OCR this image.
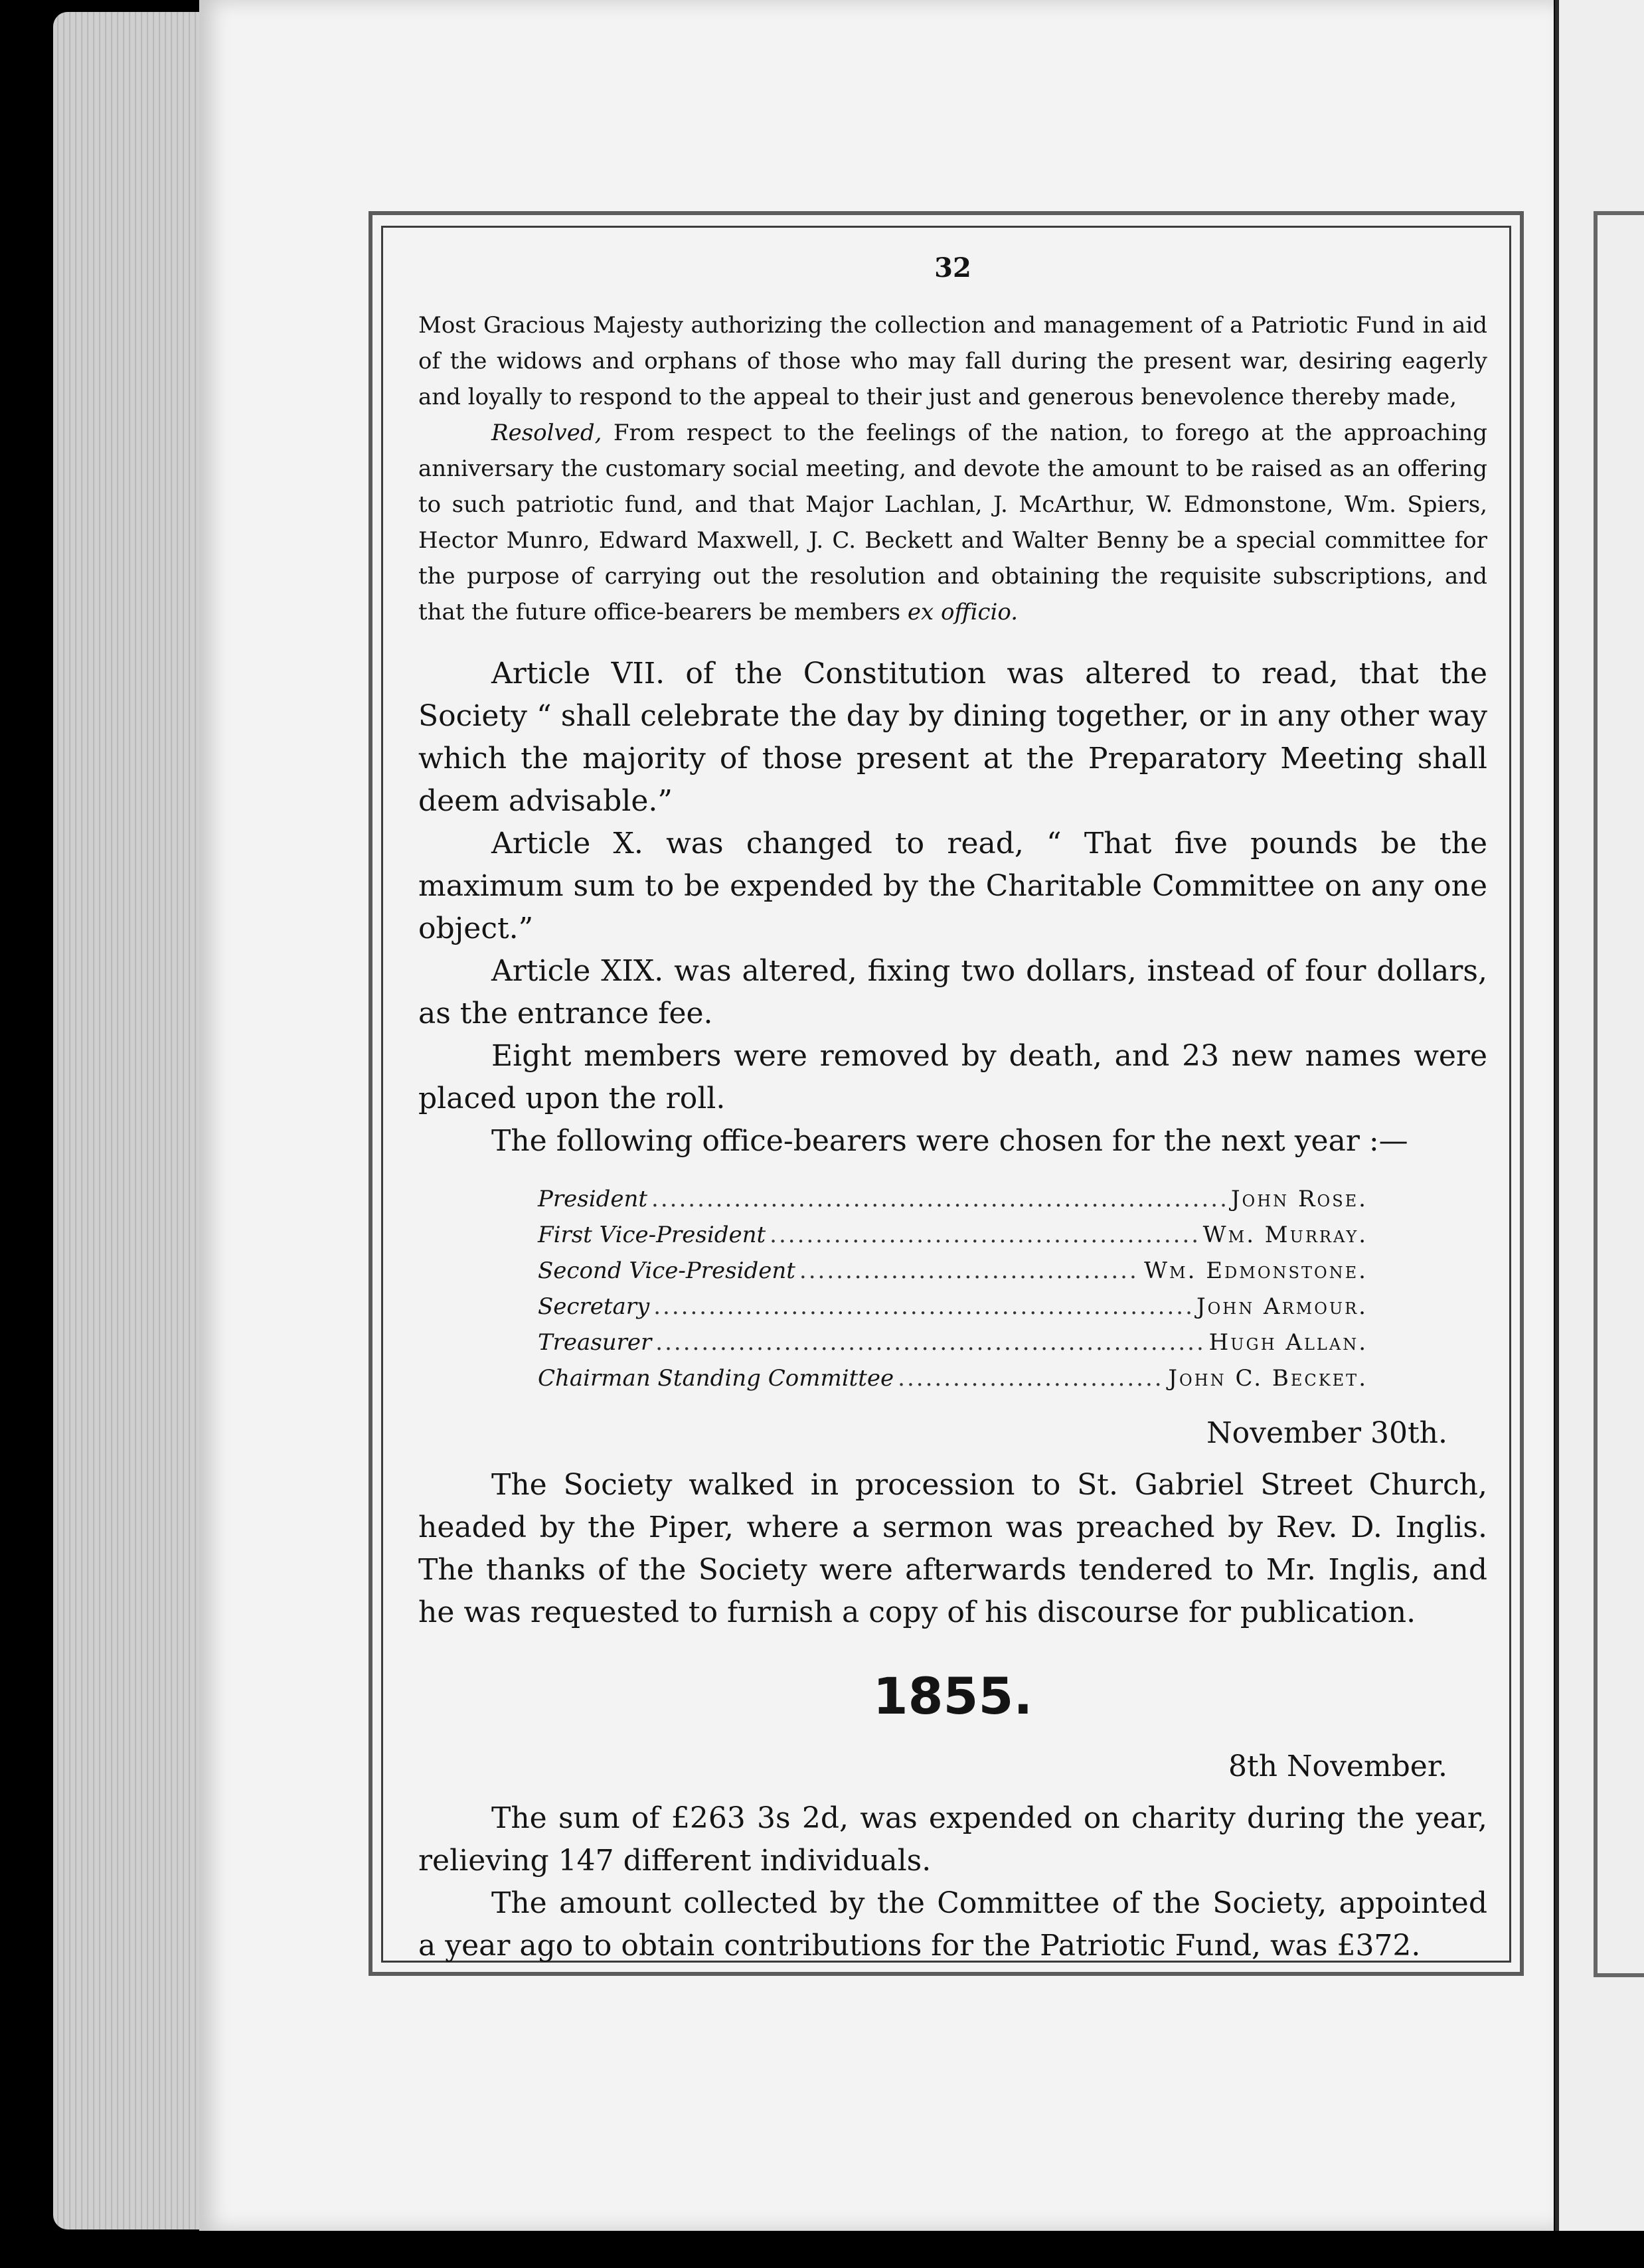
32

Most Gracious Majesty authorizing the collection and management of a Patriotic Fund in aid of the widows and orphans of those who may fall during the present war, desiring eagerly and loyally to respond to the appeal to their just and generous benevolence thereby made,

Resolved, From respect to the feelings of the nation, to forego at the approaching anniversary the customary social meeting, and devote the amount to be raised as an offering to such patriotic fund, and that Major Lachlan, J. McArthur, W. Edmonstone, Wm. Spiers, Hector Munro, Edward Maxwell, J. C. Beckett and Walter Benny be a special committee for the purpose of carrying out the resolution and obtaining the requisite subscriptions, and that the future office-bearers be members ex officio.

Article VII. of the Constitution was altered to read, that the Society “ shall celebrate the day by dining together, or in any other way which the majority of those present at the Preparatory Meeting shall deem advisable.”

Article X. was changed to read, “ That five pounds be the maximum sum to be expended by the Charitable Committee on any one object.”

Article XIX. was altered, fixing two dollars, instead of four dollars, as the entrance fee.

Eight members were removed by death, and 23 new names were placed upon the roll.

The following office-bearers were chosen for the next year :—

President .....	John Rose.
First Vice-President .....	Wm. Murray.
Second Vice-President .....	Wm. Edmonstone.
Secretary .....	John Armour.
Treasurer .....	Hugh Allan.
Chairman Standing Committee .....	John C. Becket.
November 30th.

The Society walked in procession to St. Gabriel Street Church, headed by the Piper, where a sermon was preached by Rev. D. Inglis. The thanks of the Society were afterwards tendered to Mr. Inglis, and he was requested to furnish a copy of his discourse for publication.

1855.
8th November.

The sum of £263 3s 2d, was expended on charity during the year, relieving 147 different individuals.

The amount collected by the Committee of the Society, appointed a year ago to obtain contributions for the Patriotic Fund, was £372.
